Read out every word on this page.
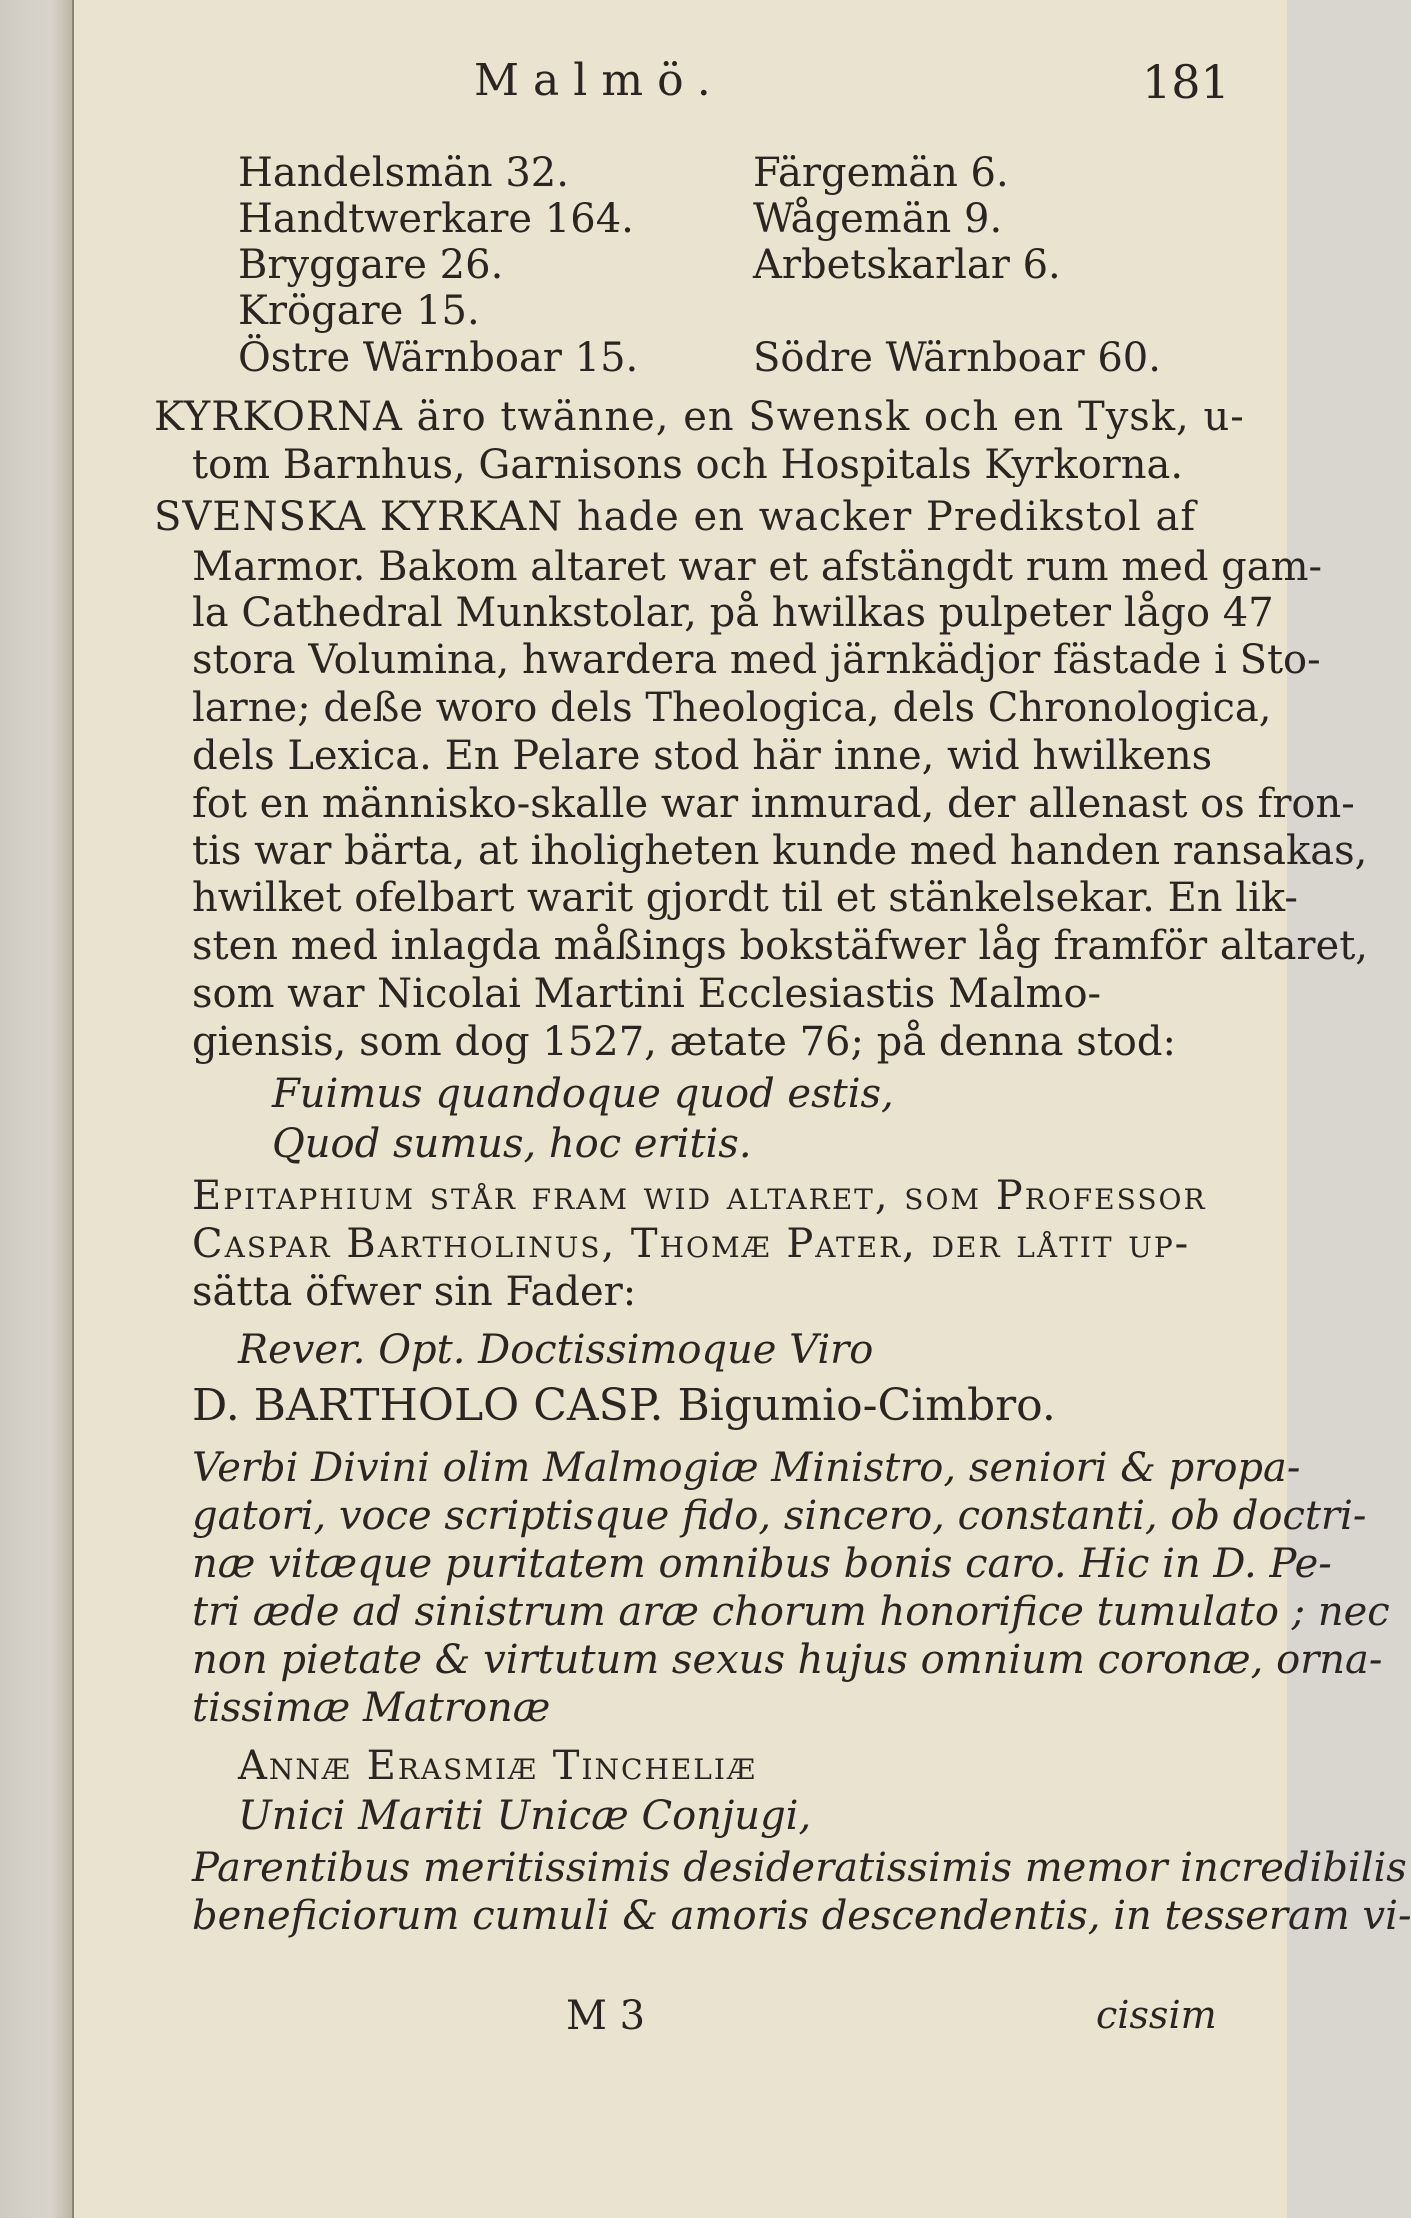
Malmö.	181
Handelsmän 32.	Färgemän 6.
Handtwerkare 164.	Wågemän 9.
Bryggare 26.	Arbetskarlar 6.
Krögare 15.
Östre Wärnboar 15.	Södre Wärnboar 60.
KYRKORNA äro twänne, en Swensk och en Tysk, u-
tom Barnhus, Garnisons och Hospitals Kyrkorna.
SVENSKA KYRKAN hade en wacker Predikstol af
Marmor. Bakom altaret war et afstängdt rum med gam-
la Cathedral Munkstolar, på hwilkas pulpeter lågo 47
stora Volumina, hwardera med järnkädjor fästade i Sto-
larne; deße woro dels Theologica, dels Chronologica,
dels Lexica. En Pelare stod här inne, wid hwilkens
fot en människo-skalle war inmurad, der allenast os fron-
tis war bärta, at iholigheten kunde med handen ransakas,
hwilket ofelbart warit gjordt til et stänkelsekar. En lik-
sten med inlagda måßings bokstäfwer låg framför altaret,
som war Nicolai Martini Ecclesiastis Malmo-
giensis, som dog 1527, ætate 76; på denna stod:
Fuimus quandoque quod estis,
Quod sumus, hoc eritis.
Epitaphium står fram wid altaret, som Professor
Caspar Bartholinus, Thomæ Pater, der låtit up-
sätta öfwer sin Fader:
Rever. Opt. Doctissimoque Viro
D. BARTHOLO CASP. Bigumio-Cimbro.
Verbi Divini olim Malmogiæ Ministro, seniori & propa-
gatori, voce scriptisque fido, sincero, constanti, ob doctri-
næ vitæque puritatem omnibus bonis caro. Hic in D. Pe-
tri æde ad sinistrum aræ chorum honorifice tumulato ; nec
non pietate & virtutum sexus hujus omnium coronæ, orna-
tissimæ Matronæ
Annæ Erasmiæ Tincheliæ
Unici Mariti Unicæ Conjugi,
Parentibus meritissimis desideratissimis memor incredibilis
beneficiorum cumuli & amoris descendentis, in tesseram vi-
M 3	cissim
